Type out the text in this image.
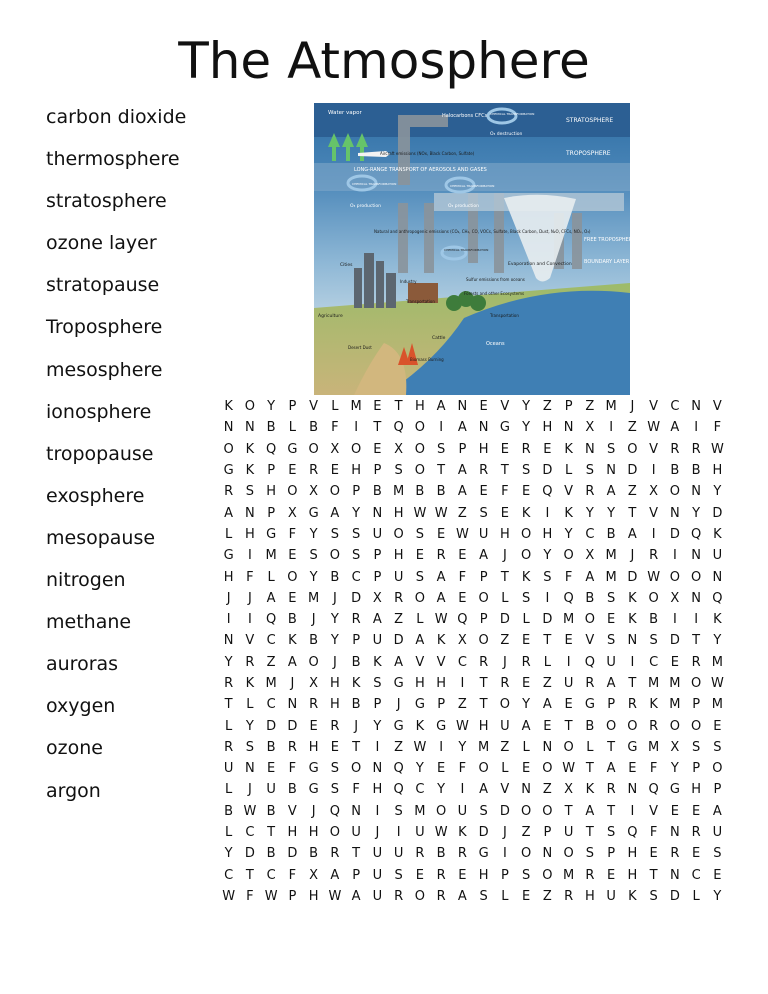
The Atmosphere
carbon dioxide
thermosphere
stratosphere
ozone layer
stratopause
Troposphere
mesosphere
ionosphere
tropopause
exosphere
mesopause
nitrogen
methane
auroras
oxygen
ozone
argon
Water vapor	Halocarbons CFCs CHEMICAL TRANSFORMATION
STRATOSPHERE
O₃ destruction
TROPOSPHERE
LONG-RANGE TRANSPORT OF AEROSOLS AND GASES
CHEMICAL TRANSFORMATION	CHEMICAL TRANSFORMATION
O₃ production	O₃ production
Aircraft emissions (NOx, Black Carbon, Sulfate)
Natural and anthropogenic emissions (CO₂, CH₄, CO, VOCs, Sulfate, Black Carbon, Dust, N₂O, CFCs, NOₓ, O₃)
CHEMICAL TRANSFORMATION
FREE TROPOSPHERE
BOUNDARY LAYER
Cities	Evaporation and Convection
Industry	Sulfur emissions from oceans
Transportation
Forests and other Ecosystems
Agriculture	Transportation
Cattle
Desert Dust
Oceans
Biomass Burning
K O Y	P V	L M E	T H A N E V Y Z P Z M	J	V C N V
N N B	L	B	F	I	T Q O	I	A N G Y H N X	I	Z W A	I	F
O K Q G O X O E X O S	P H E R E K N S O V R R W
G K	P	E R E H P	S O T A R T	S D L	S N D	I	B B H
R S H O X O P B M B B A E	F	E Q V R A Z X O N Y
A N P X G A Y N H W W Z S	E K	I	K	Y	Y	T V N Y D
L H G F	Y	S S U O S	E W U H O H Y C B A	I	D Q K
G	I	M E	S O S	P H E R E A	J	O Y O X M	J	R	I	N U
H F	L O Y B C P U S A	F	P	T	K S	F	A M D W O O N
J	J	A E M	J	D X R O A E O L	S	I	Q B S K O X N Q
I	I	Q B	J	Y R A Z	L W Q P D L D M O E K B	I	I	K
N V C K B Y	P U D A K X O Z E	T	E V S N S D T	Y
Y R Z A O	J	B K A V V C R	J	R	L	I	Q U	I	C E R M
R K M	J	X H K S G H H	I	T R E Z U R A T M M O W
T	L	C N R H B P	J	G P Z T O Y A E G P R K M P M
L	Y D D E R	J	Y G K G W H U A E	T B O O R O O E
R S B R H E	T	I	Z W I	Y M Z	L N O L	T G M X S S
U N E	F G S O N Q Y	E	F O L	E O W T A E	F	Y	P O
L	J	U B G S	F H Q C Y	I	A V N Z X K R N Q G H P
B W B V	J	Q N	I	S M O U S D O O T A T	I	V E	E A
L	C T H H O U	J	I	U W K D	J	Z P U T	S Q F N R U
Y D B D B R T U U R B R G	I	O N O S	P H E R E	S
C T C F	X A P U S	E R E H P	S O M R E H T N C E
W F W P H W A U R O R A S	L	E Z R H U K S D L	Y
